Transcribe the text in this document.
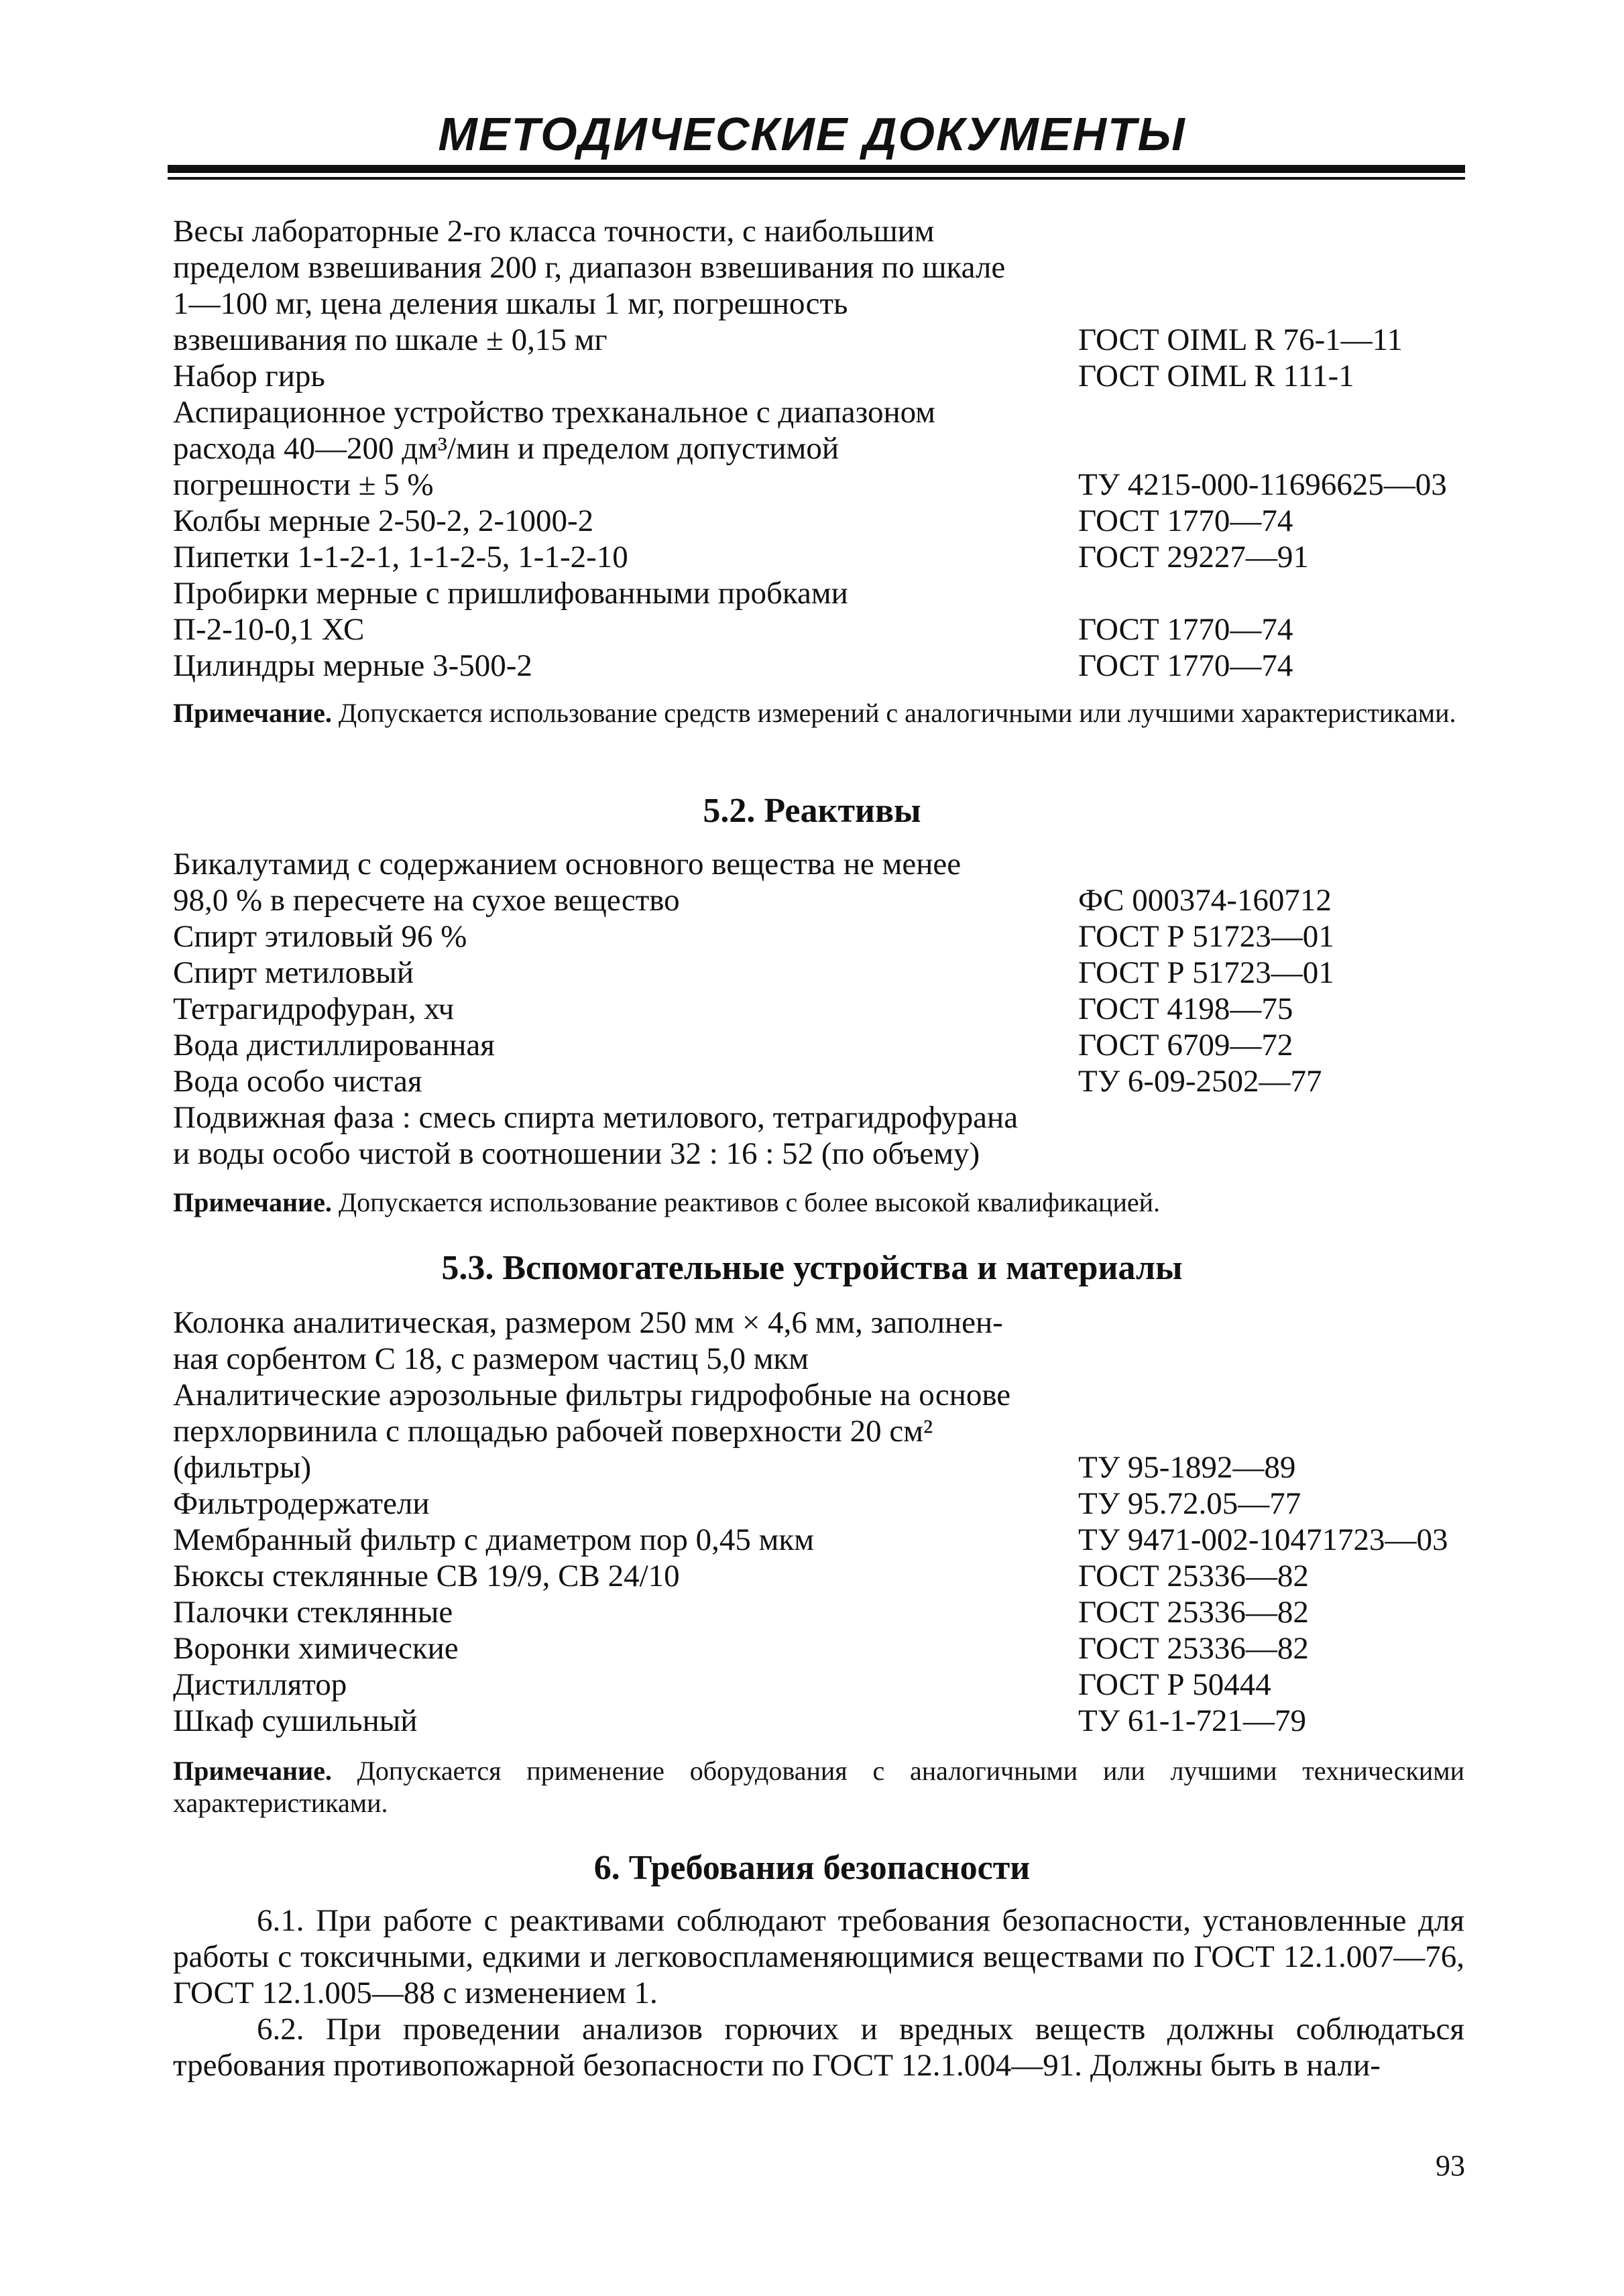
МЕТОДИЧЕСКИЕ ДОКУМЕНТЫ
Весы лабораторные 2-го класса точности, с наибольшим
пределом взвешивания 200 г, диапазон взвешивания по шкале
1—100 мг, цена деления шкалы 1 мг, погрешность
взвешивания по шкале ± 0,15 мг	ГОСТ OIML R 76-1—11
Набор гирь	ГОСТ OIML R 111-1
Аспирационное устройство трехканальное с диапазоном
расхода 40—200 дм³/мин и пределом допустимой
погрешности ± 5 %	ТУ 4215-000-11696625—03
Колбы мерные 2-50-2, 2-1000-2	ГОСТ 1770—74
Пипетки 1-1-2-1, 1-1-2-5, 1-1-2-10	ГОСТ 29227—91
Пробирки мерные с пришлифованными пробками
П-2-10-0,1 ХС	ГОСТ 1770—74
Цилиндры мерные 3-500-2	ГОСТ 1770—74
Примечание. Допускается использование средств измерений с аналогичными или лучшими характеристиками.
5.2. Реактивы
Бикалутамид с содержанием основного вещества не менее
98,0 % в пересчете на сухое вещество	ФС 000374-160712
Спирт этиловый 96 %	ГОСТ Р 51723—01
Спирт метиловый	ГОСТ Р 51723—01
Тетрагидрофуран, хч	ГОСТ 4198—75
Вода дистиллированная	ГОСТ 6709—72
Вода особо чистая	ТУ 6-09-2502—77
Подвижная фаза : смесь спирта метилового, тетрагидрофурана
и воды особо чистой в соотношении 32 : 16 : 52 (по объему)
Примечание. Допускается использование реактивов с более высокой квалификацией.
5.3. Вспомогательные устройства и материалы
Колонка аналитическая, размером 250 мм × 4,6 мм, заполнен-
ная сорбентом С 18, с размером частиц 5,0 мкм
Аналитические аэрозольные фильтры гидрофобные на основе
перхлорвинила с площадью рабочей поверхности 20 см²
(фильтры)	ТУ 95-1892—89
Фильтродержатели	ТУ 95.72.05—77
Мембранный фильтр с диаметром пор 0,45 мкм	ТУ 9471-002-10471723—03
Бюксы стеклянные СВ 19/9, СВ 24/10	ГОСТ 25336—82
Палочки стеклянные	ГОСТ 25336—82
Воронки химические	ГОСТ 25336—82
Дистиллятор	ГОСТ Р 50444
Шкаф сушильный	ТУ 61-1-721—79
Примечание. Допускается применение оборудования с аналогичными или лучшими техническими характеристиками.
6. Требования безопасности

6.1. При работе с реактивами соблюдают требования безопасности, установленные для работы с токсичными, едкими и легковоспламеняющимися веществами по ГОСТ 12.1.007—76, ГОСТ 12.1.005—88 с изменением 1.

6.2. При проведении анализов горючих и вредных веществ должны соблюдаться требования противопожарной безопасности по ГОСТ 12.1.004—91. Должны быть в нали-

93
